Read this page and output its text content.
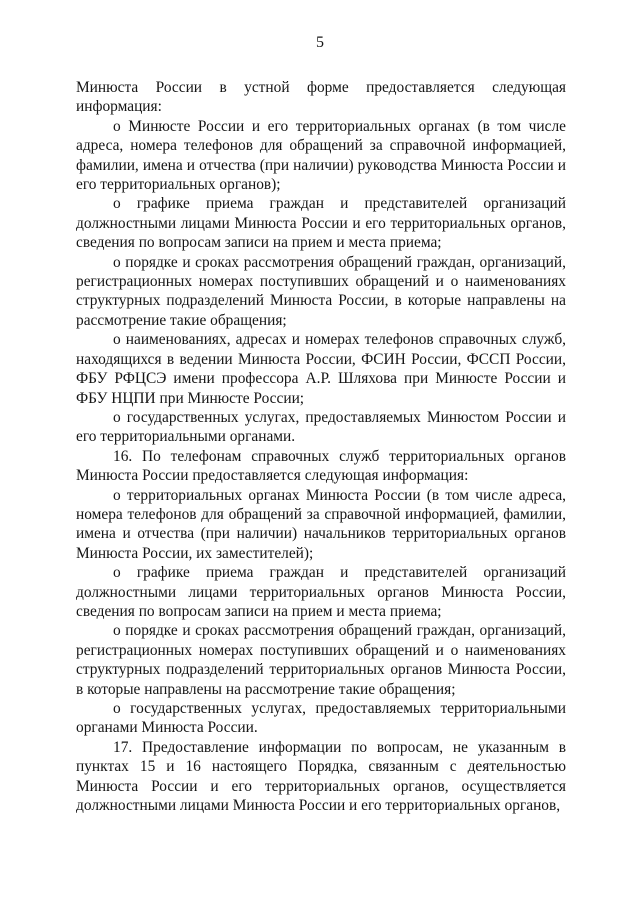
5

Минюста России в устной форме предоставляется следующая информация:

о Минюсте России и его территориальных органах (в том числе адреса, номера телефонов для обращений за справочной информацией, фамилии, имена и отчества (при наличии) руководства Минюста России и его территориальных органов);

о графике приема граждан и представителей организаций должностными лицами Минюста России и его территориальных органов, сведения по вопросам записи на прием и места приема;

о порядке и сроках рассмотрения обращений граждан, организаций, регистрационных номерах поступивших обращений и о наименованиях структурных подразделений Минюста России, в которые направлены на рассмотрение такие обращения;

о наименованиях, адресах и номерах телефонов справочных служб, находящихся в ведении Минюста России, ФСИН России, ФССП России, ФБУ РФЦСЭ имени профессора А.Р. Шляхова при Минюсте России и ФБУ НЦПИ при Минюсте России;

о государственных услугах, предоставляемых Минюстом России и его территориальными органами.

16. По телефонам справочных служб территориальных органов Минюста России предоставляется следующая информация:

о территориальных органах Минюста России (в том числе адреса, номера телефонов для обращений за справочной информацией, фамилии, имена и отчества (при наличии) начальников территориальных органов Минюста России, их заместителей);

о графике приема граждан и представителей организаций должностными лицами территориальных органов Минюста России, сведения по вопросам записи на прием и места приема;

о порядке и сроках рассмотрения обращений граждан, организаций, регистрационных номерах поступивших обращений и о наименованиях структурных подразделений территориальных органов Минюста России, в которые направлены на рассмотрение такие обращения;

о государственных услугах, предоставляемых территориальными органами Минюста России.

17. Предоставление информации по вопросам, не указанным в пунктах 15 и 16 настоящего Порядка, связанным с деятельностью Минюста России и его территориальных органов, осуществляется должностными лицами Минюста России и его территориальных органов,
